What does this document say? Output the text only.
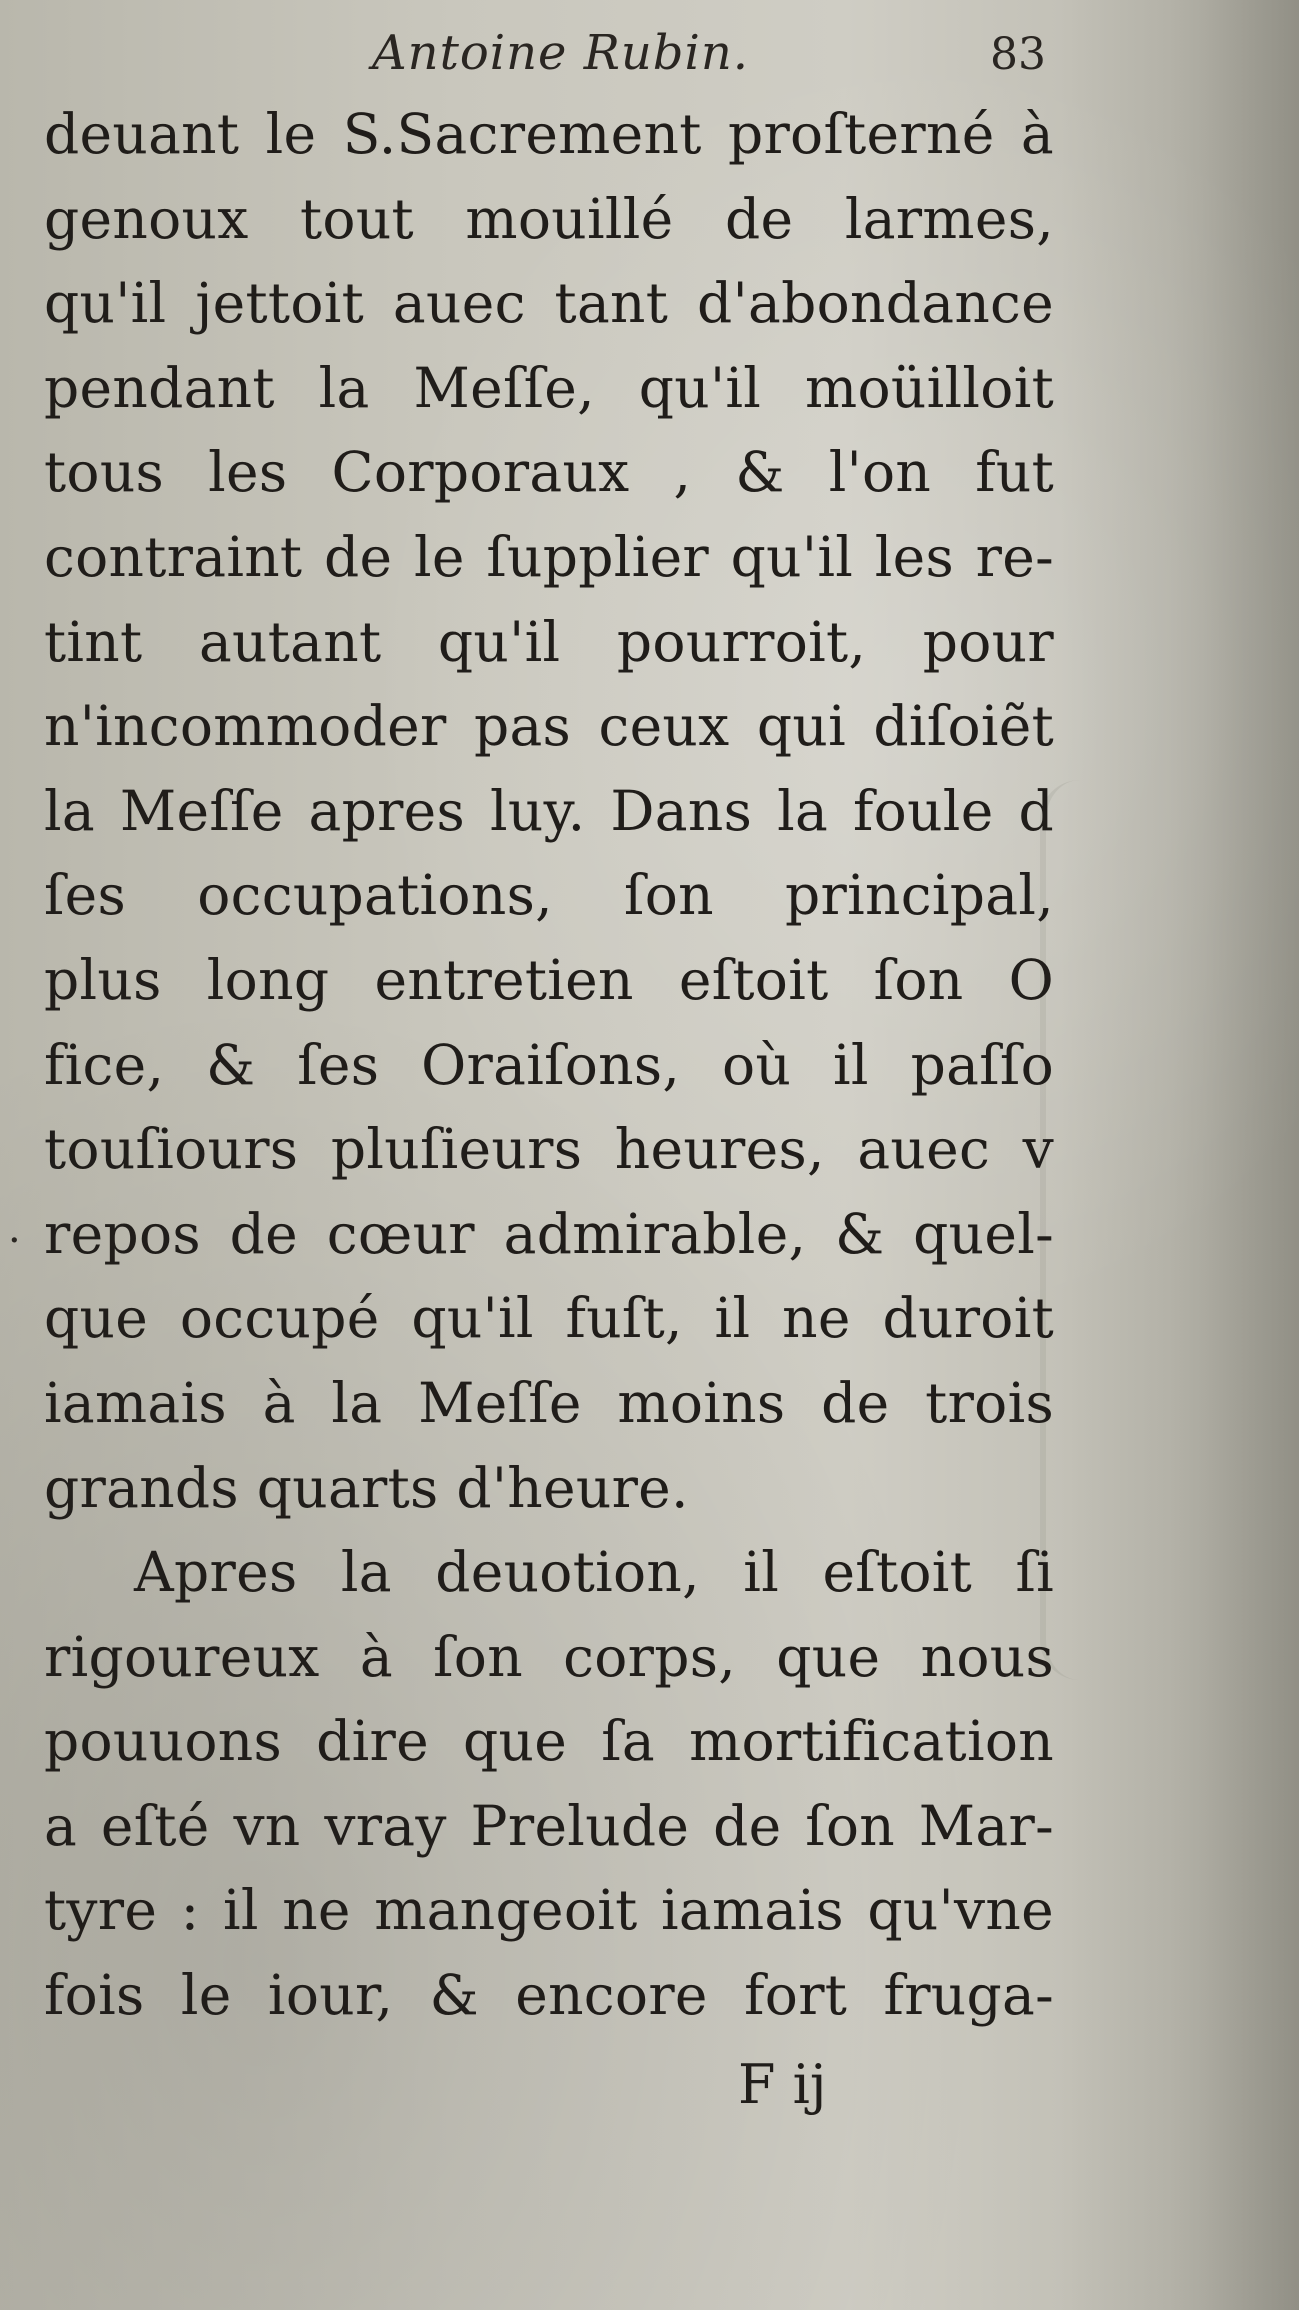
Antoine Rubin.	83
·
deuant le S.Sacrement proſterné à
genoux tout mouillé de larmes,
qu'il jettoit auec tant d'abondance
pendant la Meſſe, qu'il moüilloit
tous les Corporaux , & l'on fut
contraint de le ſupplier qu'il les re-
tint autant qu'il pourroit, pour
n'incommoder pas ceux qui diſoiẽt
la Meſſe apres luy. Dans la foule d
ſes occupations, ſon principal,
plus long entretien eſtoit ſon O
fice, & ſes Oraiſons, où il paſſo
touſiours pluſieurs heures, auec v
repos de cœur admirable, & quel-
que occupé qu'il fuſt, il ne duroit
iamais à la Meſſe moins de trois
grands quarts d'heure.
Apres la deuotion, il eſtoit ſi
rigoureux à ſon corps, que nous
pouuons dire que ſa mortification
a eſté vn vray Prelude de ſon Mar-
tyre : il ne mangeoit iamais qu'vne
fois le iour, & encore fort fruga-
F ij
